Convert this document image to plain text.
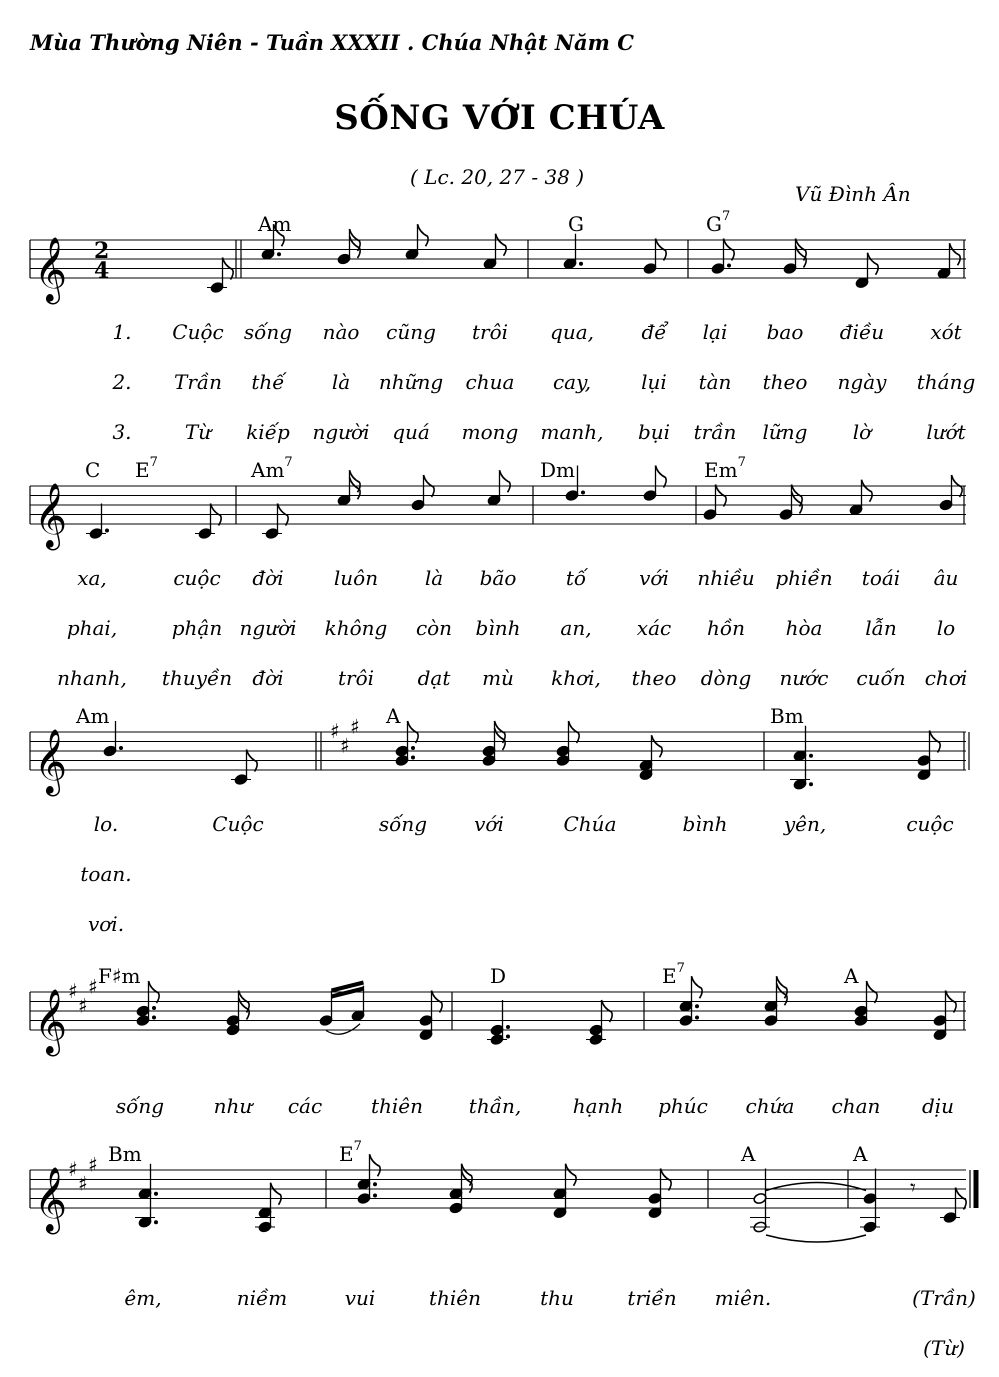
Mùa Thường Niên - Tuần XXXII . Chúa Nhật Năm C
SỐNG VỚI CHÚA
( Lc. 20, 27 - 38 )
Vũ Đình Ân
𝄞 2
4
𝄞
𝄞	♯
♯
♯
𝄞 ♯
♯
♯
𝄞 ♯
♯
♯
𝄾
Am	G	$G^7$
1. Cuộc sống nào cũng trôi qua, để lại bao điều xót
2. Trần thế là những chua cay,	lụi tàn theo ngày tháng
3.	Từ kiếp người quá mong manh, bụi trần lững lờ	lướt
C $E^7$	Am$^7$	Dm	Em$^7$
xa,	cuộc đời	luôn là bão tố	với nhiều phiền toái âu
phai,	phận người không còn bình an, xác hồn hòa lẫn lo
nhanh, thuyền đời	trôi dạt mù khơi, theo dòng nước cuốn chơi
Am	A	Bm
lo.	Cuộc	sống với	Chúa	bình	yên,	cuộc
toan.
vơi.
F♯m	D	$E^7$	A
sống như các thiên thần,	hạnh phúc chứa chan dịu
Bm	$E^7$	A	A
êm,	niềm	vui	thiên	thu	triền miên.	(Trần)
(Từ)
